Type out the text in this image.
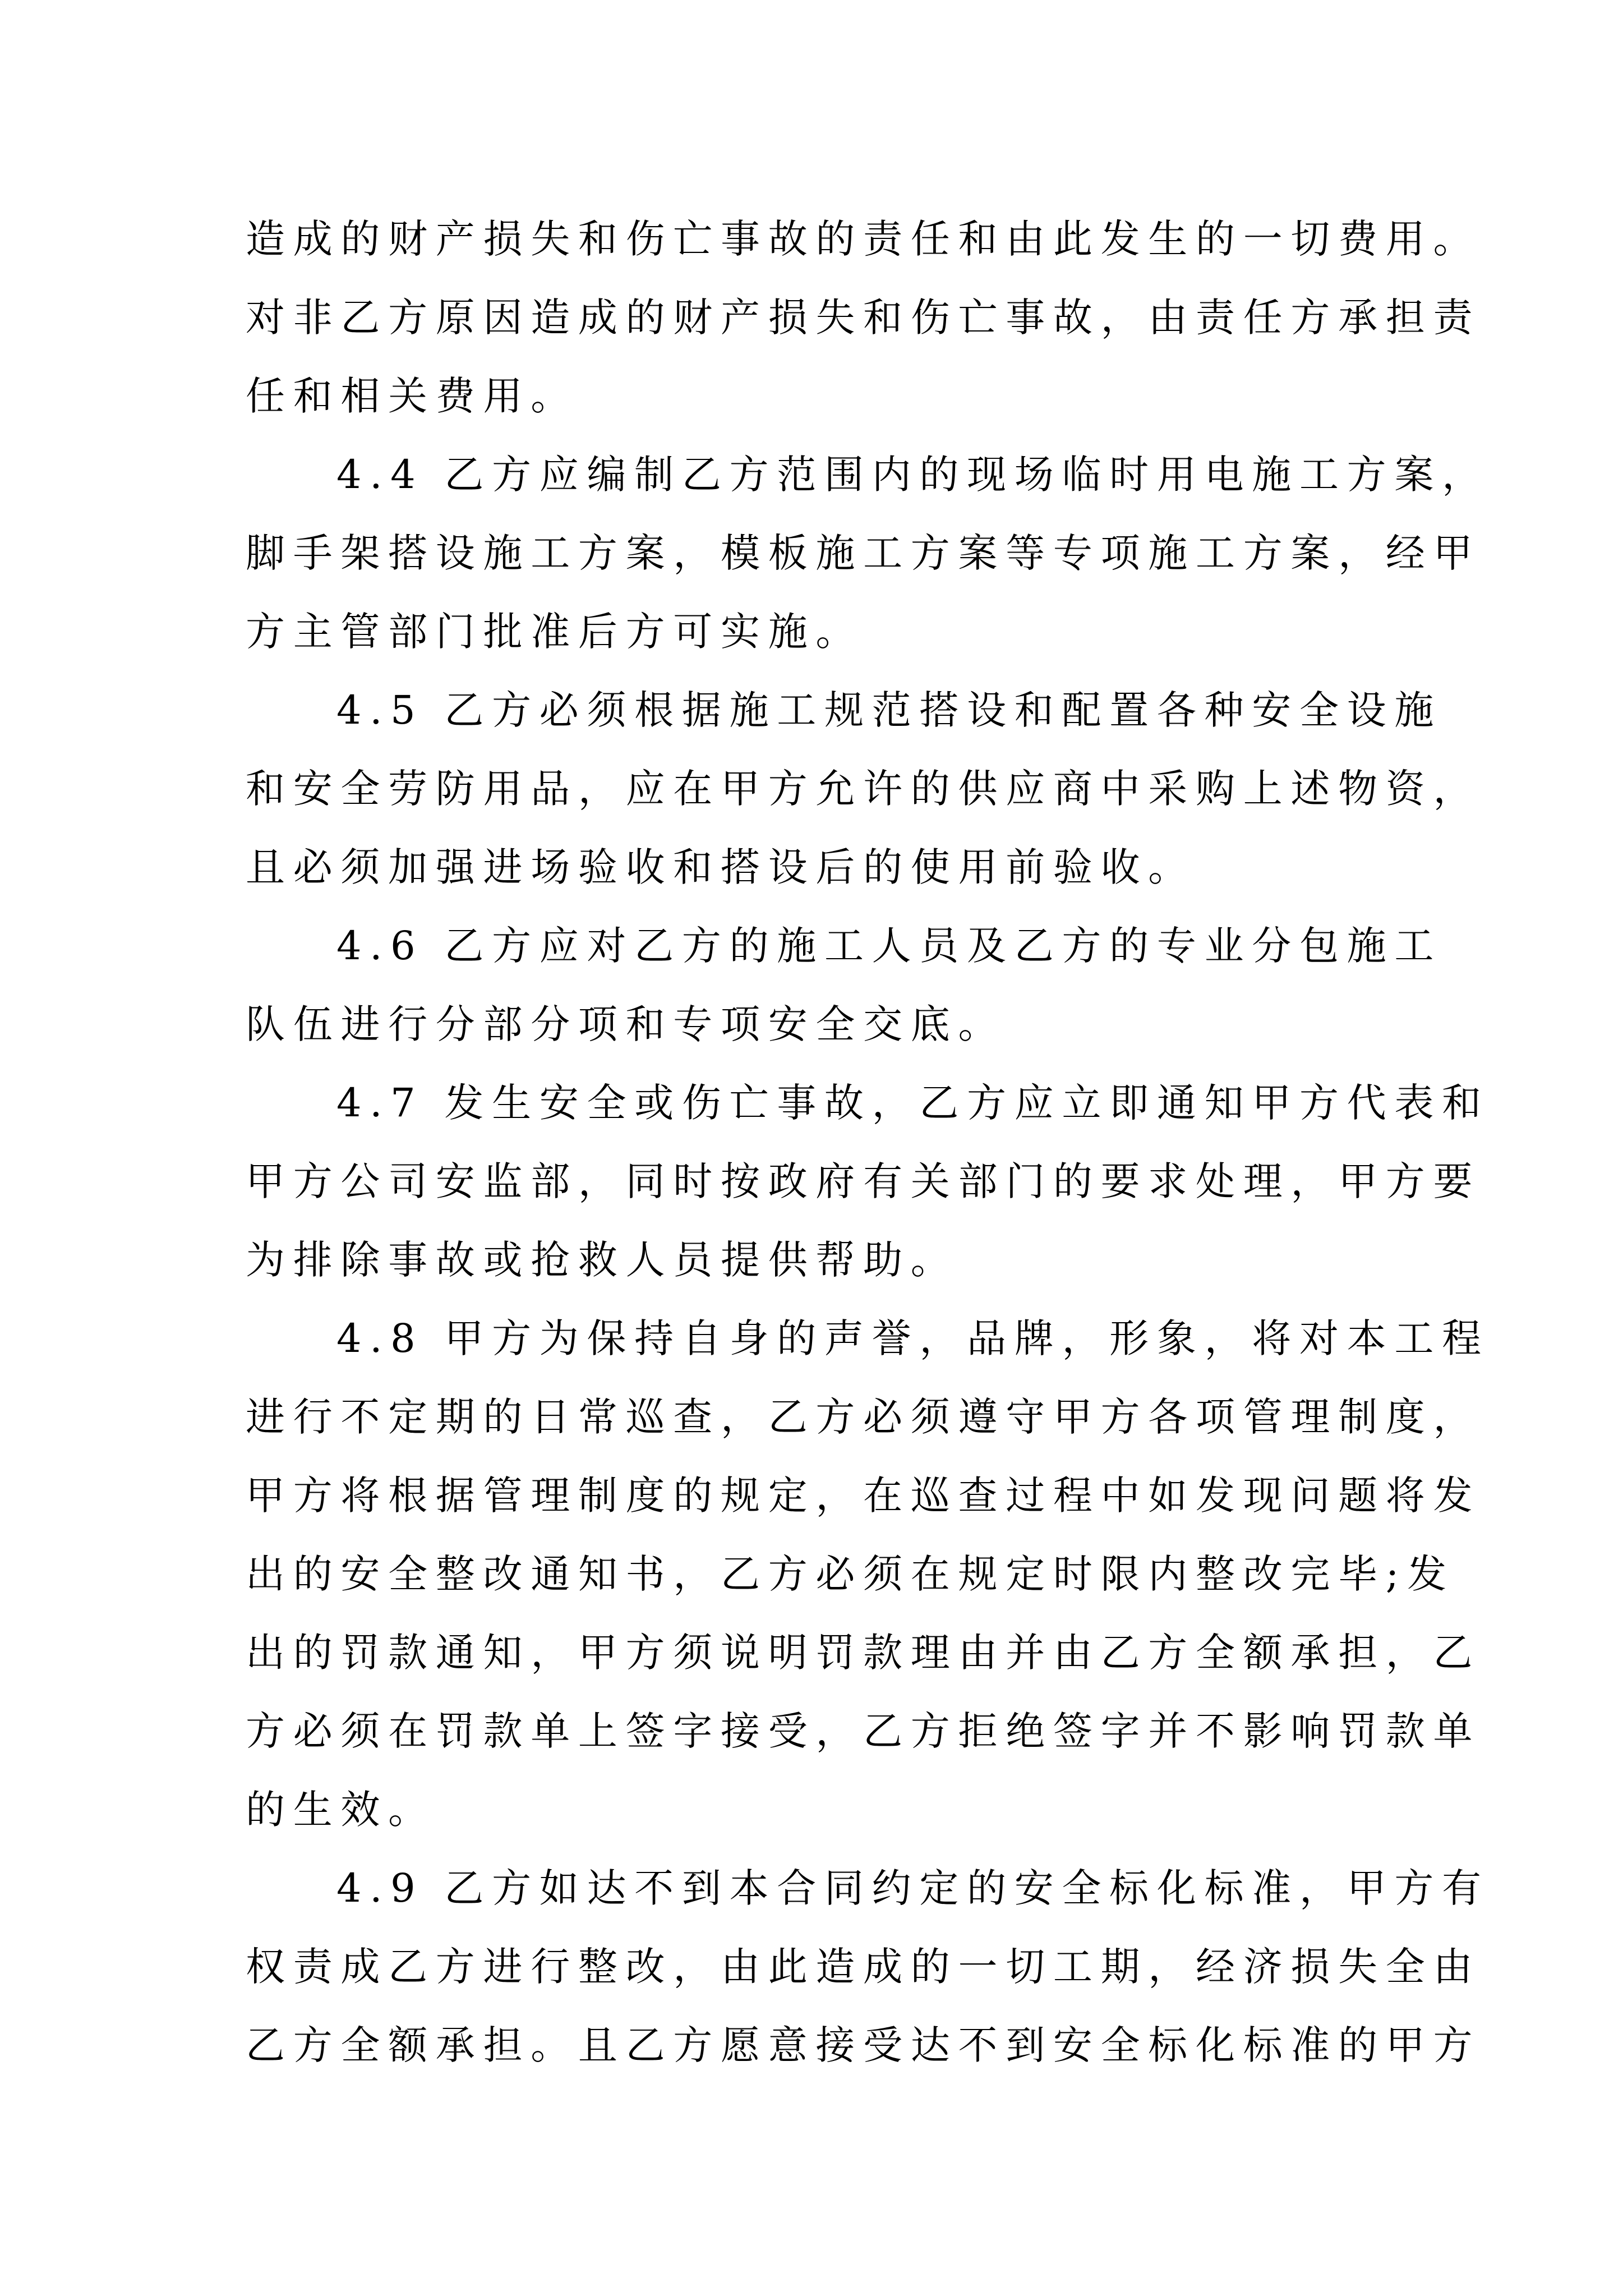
造成的财产损失和伤亡事故的责任和由此发生的一切费用。
对非乙方原因造成的财产损失和伤亡事故，由责任方承担责
任和相关费用。
4.4 乙方应编制乙方范围内的现场临时用电施工方案，
脚手架搭设施工方案，模板施工方案等专项施工方案，经甲
方主管部门批准后方可实施。
4.5 乙方必须根据施工规范搭设和配置各种安全设施
和安全劳防用品，应在甲方允许的供应商中采购上述物资，
且必须加强进场验收和搭设后的使用前验收。
4.6 乙方应对乙方的施工人员及乙方的专业分包施工
队伍进行分部分项和专项安全交底。
4.7 发生安全或伤亡事故，乙方应立即通知甲方代表和
甲方公司安监部，同时按政府有关部门的要求处理，甲方要
为排除事故或抢救人员提供帮助。
4.8 甲方为保持自身的声誉，品牌，形象，将对本工程
进行不定期的日常巡查，乙方必须遵守甲方各项管理制度，
甲方将根据管理制度的规定，在巡查过程中如发现问题将发
出的安全整改通知书，乙方必须在规定时限内整改完毕;发
出的罚款通知，甲方须说明罚款理由并由乙方全额承担，乙
方必须在罚款单上签字接受，乙方拒绝签字并不影响罚款单
的生效。
4.9 乙方如达不到本合同约定的安全标化标准，甲方有
权责成乙方进行整改，由此造成的一切工期，经济损失全由
乙方全额承担。且乙方愿意接受达不到安全标化标准的甲方
